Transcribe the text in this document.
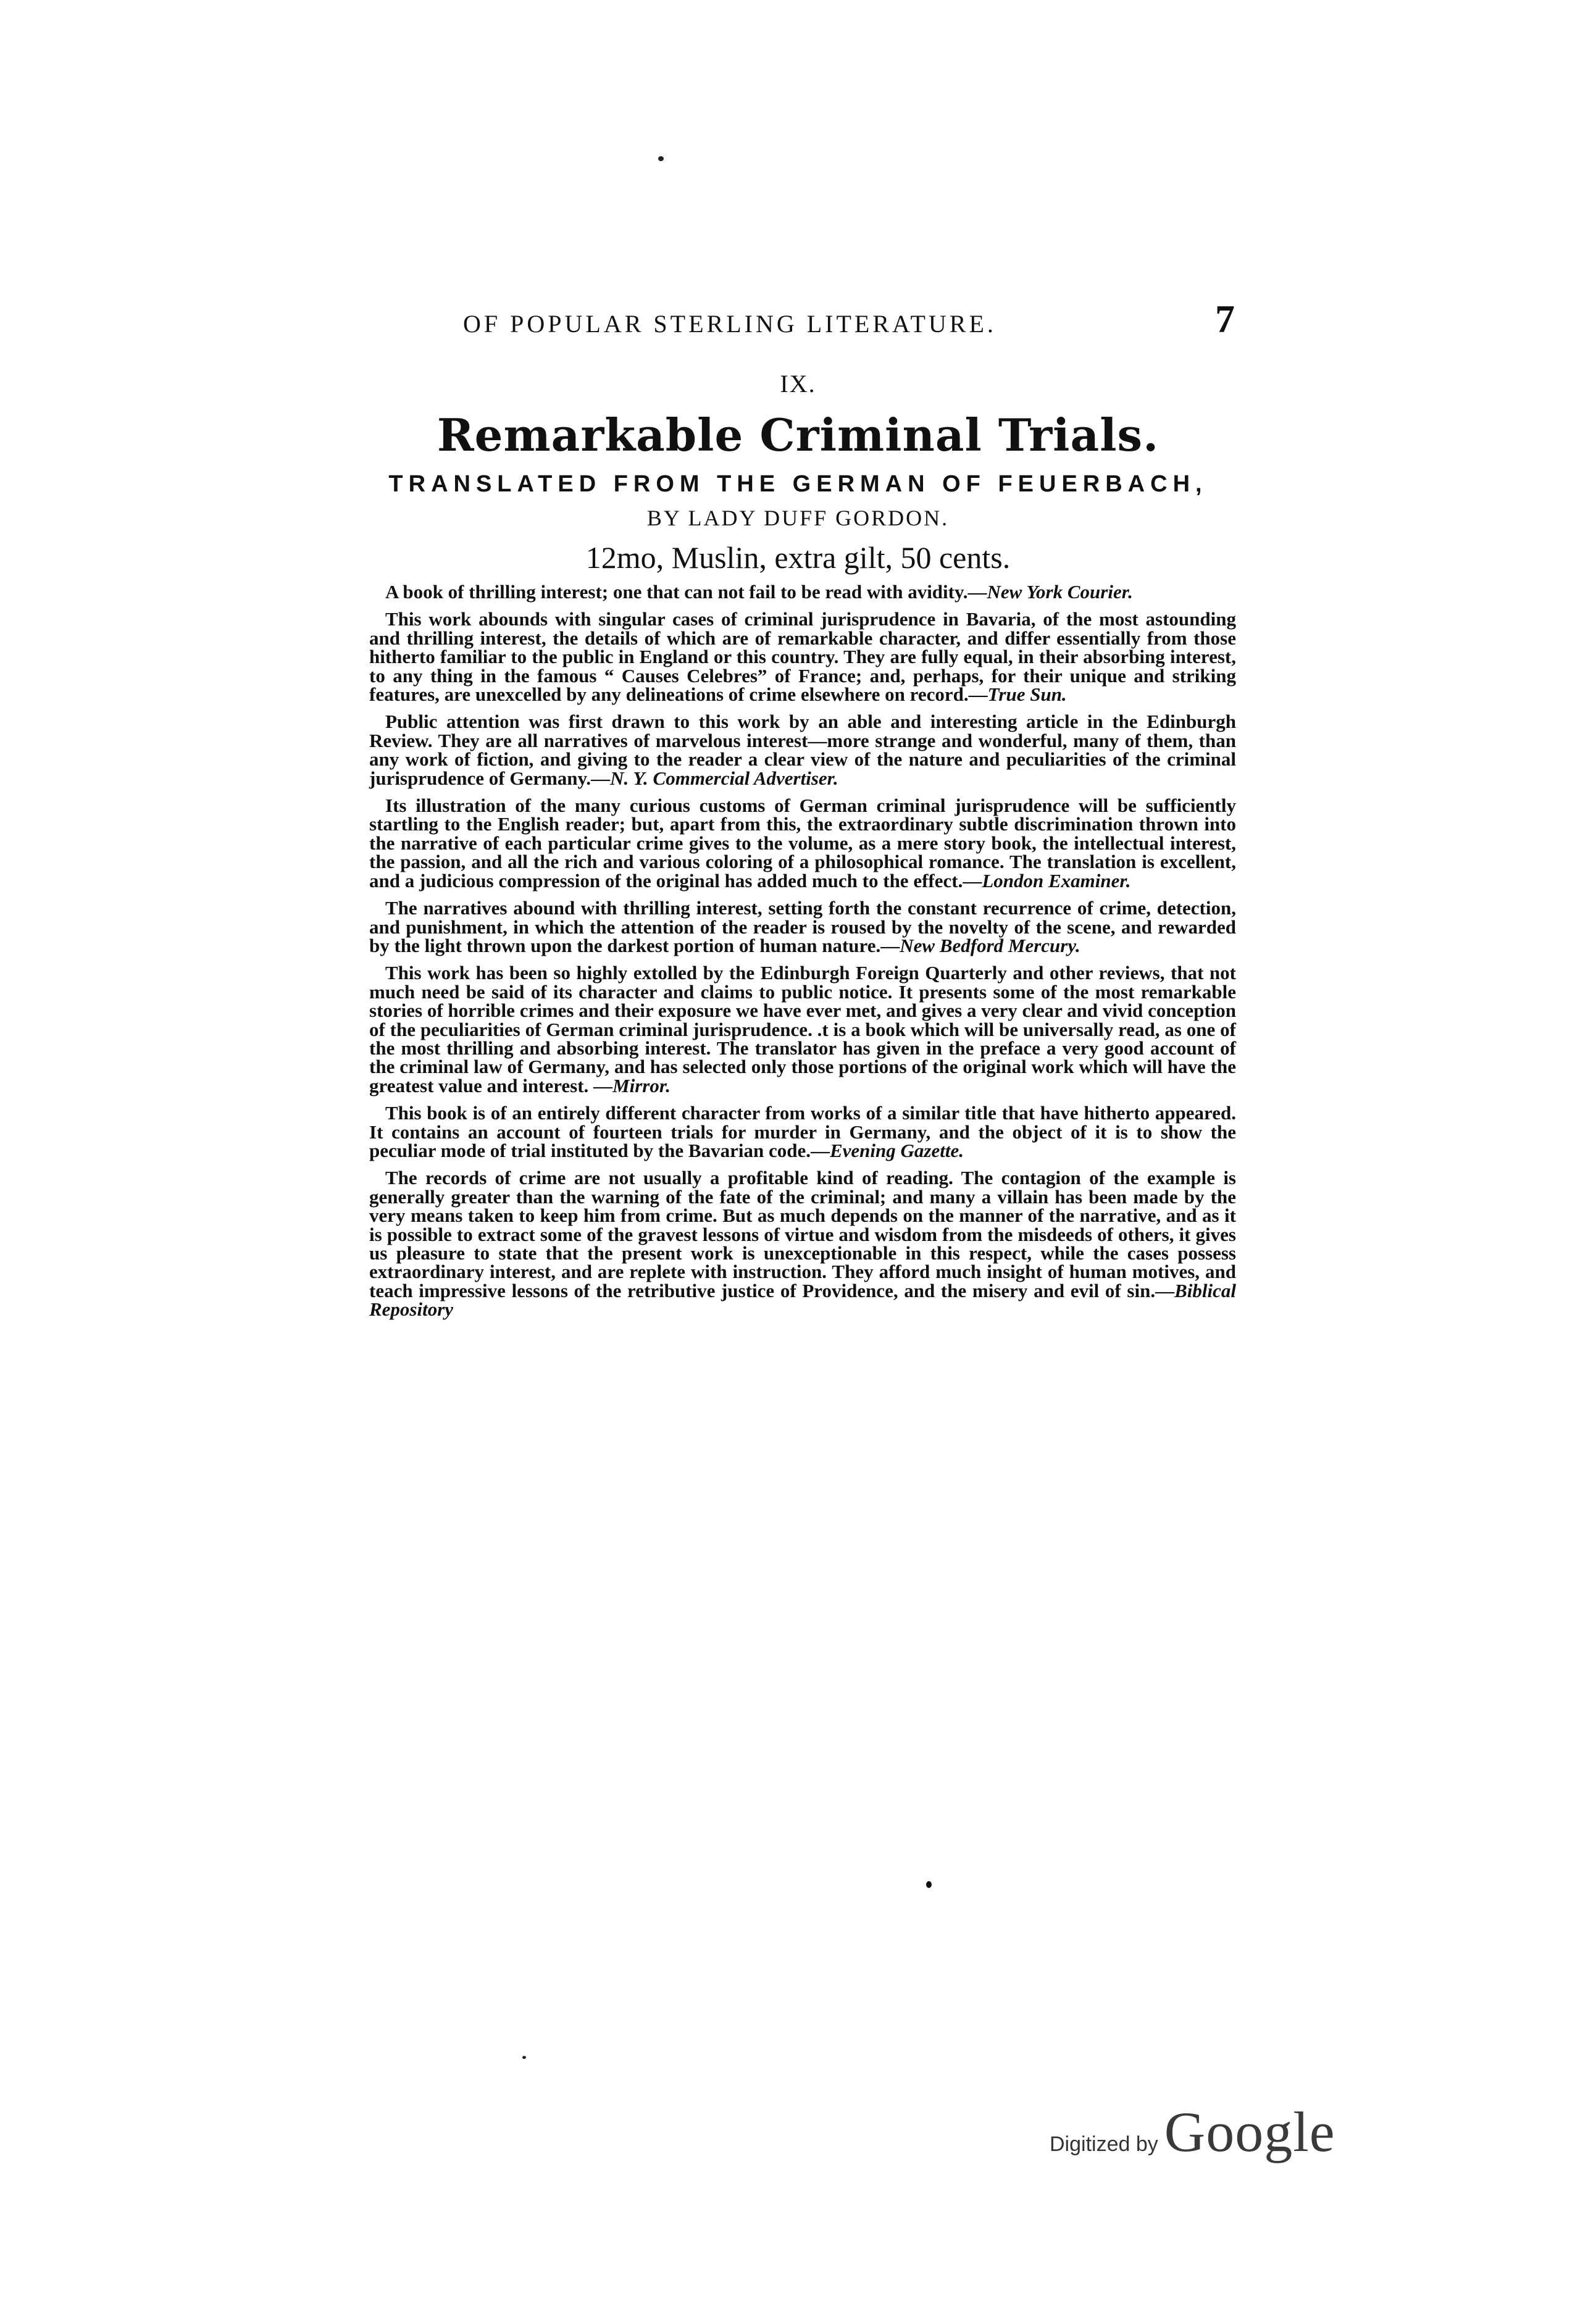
OF POPULAR STERLING LITERATURE.	7
IX.
Remarkable Criminal Trials.
TRANSLATED FROM THE GERMAN OF FEUERBACH,
BY LADY DUFF GORDON.
12mo, Muslin, extra gilt, 50 cents.

A book of thrilling interest; one that can not fail to be read with avidity.—New York Courier.

This work abounds with singular cases of criminal jurisprudence in Bavaria, of the most astounding and thrilling interest, the details of which are of remarkable character, and differ essentially from those hitherto familiar to the public in England or this country. They are fully equal, in their absorbing interest, to any thing in the famous “ Causes Celebres” of France; and, perhaps, for their unique and striking features, are unexcelled by any delineations of crime elsewhere on record.—True Sun.

Public attention was first drawn to this work by an able and interesting article in the Edinburgh Review. They are all narratives of marvelous interest—more strange and wonderful, many of them, than any work of fiction, and giving to the reader a clear view of the nature and peculiarities of the criminal jurisprudence of Germany.—N. Y. Commercial Advertiser.

Its illustration of the many curious customs of German criminal jurisprudence will be sufficiently startling to the English reader; but, apart from this, the extraordinary subtle discrimination thrown into the narrative of each particular crime gives to the volume, as a mere story book, the intellectual interest, the passion, and all the rich and various coloring of a philosophical romance. The translation is excellent, and a judicious compression of the original has added much to the effect.—London Examiner.

The narratives abound with thrilling interest, setting forth the constant recurrence of crime, detection, and punishment, in which the attention of the reader is roused by the novelty of the scene, and rewarded by the light thrown upon the darkest portion of human nature.—New Bedford Mercury.

This work has been so highly extolled by the Edinburgh Foreign Quarterly and other reviews, that not much need be said of its character and claims to public notice. It presents some of the most remarkable stories of horrible crimes and their exposure we have ever met, and gives a very clear and vivid conception of the peculiarities of German criminal jurisprudence. .t is a book which will be universally read, as one of the most thrilling and absorbing interest. The translator has given in the preface a very good account of the criminal law of Germany, and has selected only those portions of the original work which will have the greatest value and interest. —Mirror.

This book is of an entirely different character from works of a similar title that have hitherto appeared. It contains an account of fourteen trials for murder in Germany, and the object of it is to show the peculiar mode of trial instituted by the Bavarian code.—Evening Gazette.

The records of crime are not usually a profitable kind of reading. The contagion of the example is generally greater than the warning of the fate of the criminal; and many a villain has been made by the very means taken to keep him from crime. But as much depends on the manner of the narrative, and as it is possible to extract some of the gravest lessons of virtue and wisdom from the misdeeds of others, it gives us pleasure to state that the present work is unexceptionable in this respect, while the cases possess extraordinary interest, and are replete with instruction. They afford much insight of human motives, and teach impressive lessons of the retributive justice of Providence, and the misery and evil of sin.—Biblical Repository

Digitized by Google
